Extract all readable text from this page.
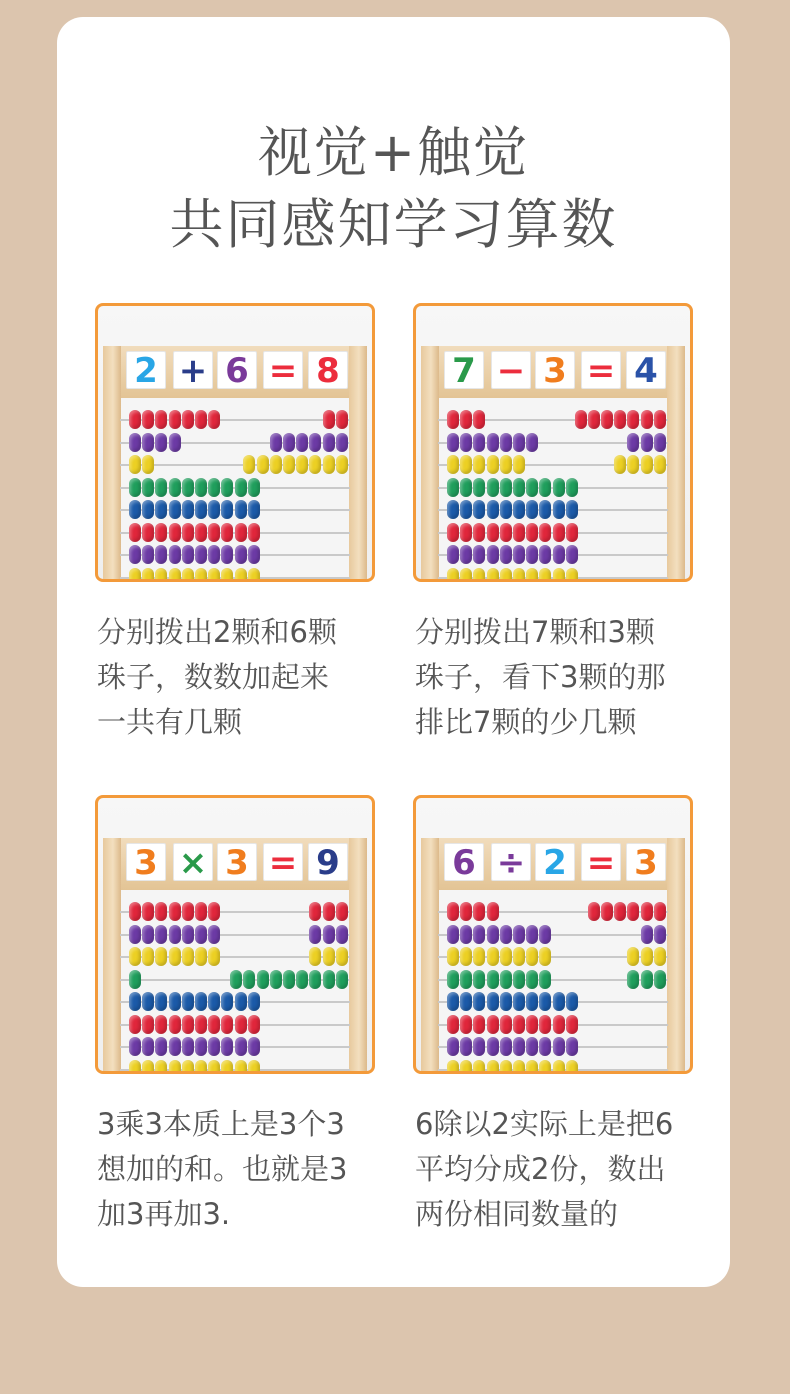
视觉+触觉
共同感知学习算数
2 + 6 = 8	7 − 3 = 4
3 × 3 = 9	6 ÷ 2 = 3
分别拨出2颗和6颗
珠子，数数加起来
一共有几颗
分别拨出7颗和3颗
珠子，看下3颗的那
排比7颗的少几颗
3乘3本质上是3个3
想加的和。也就是3
加3再加3.
6除以2实际上是把6
平均分成2份，数出
两份相同数量的
